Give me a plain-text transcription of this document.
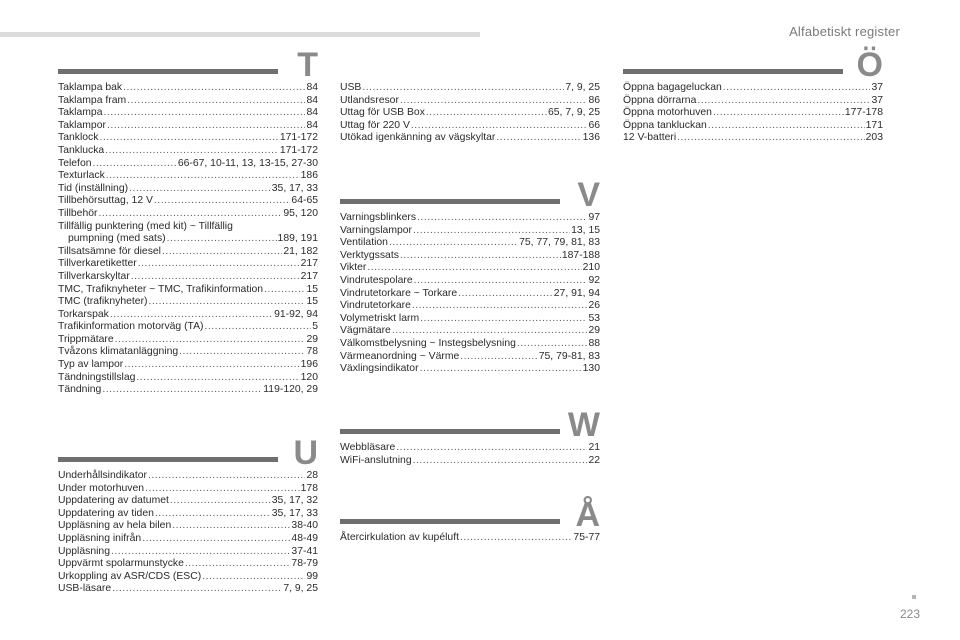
Alfabetiskt register
T
Taklampa bak .....	84
Taklampa fram .....	84
Taklampa .....	84
Taklampor .....	84
Tanklock .....	171-172
Tanklucka .....	171-172
Telefon .....	66-67, 10-11, 13, 13-15, 27-30
Texturlack .....	186
Tid (inställning) .....	35, 17, 33
Tillbehörsuttag, 12 V .....	64-65
Tillbehör .....	95, 120
Tillfällig punktering (med kit) ~ Tillfällig
pumpning (med sats) .....	189, 191
Tillsatsämne för diesel .....	21, 182
Tillverkaretiketter .....	217
Tillverkarskyltar .....	217
TMC, Trafiknyheter ~ TMC, Trafikinformation .....	15
TMC (trafiknyheter) .....	15
Torkarspak .....	91-92, 94
Trafikinformation motorväg (TA) .....	5
Trippmätare .....	29
Tvåzons klimatanläggning .....	78
Typ av lampor .....	196
Tändningstillslag .....	120
Tändning .....	119-120, 29
U
Underhållsindikator .....	28
Under motorhuven .....	178
Uppdatering av datumet .....	35, 17, 32
Uppdatering av tiden .....	35, 17, 33
Uppläsning av hela bilen .....	38-40
Uppläsning inifrån .....	48-49
Uppläsning .....	37-41
Uppvärmt spolarmunstycke .....	78-79
Urkoppling av ASR/CDS (ESC) .....	99
USB-läsare .....	7, 9, 25
USB .....	7, 9, 25
Utlandsresor .....	86
Uttag för USB Box .....	65, 7, 9, 25
Uttag för 220 V .....	66
Utökad igenkänning av vägskyltar .....	136
V
Varningsblinkers .....	97
Varningslampor .....	13, 15
Ventilation .....	75, 77, 79, 81, 83
Verktygssats .....	187-188
Vikter .....	210
Vindrutespolare .....	92
Vindrutetorkare ~ Torkare .....	27, 91, 94
Vindrutetorkare .....	26
Volymetriskt larm .....	53
Vägmätare .....	29
Välkomstbelysning ~ Instegsbelysning .....	88
Värmeanordning ~ Värme .....	75, 79-81, 83
Växlingsindikator .....	130
W
Webbläsare .....	21
WiFi-anslutning .....	22
Å
Återcirkulation av kupéluft .....	75-77
Ö
Öppna bagageluckan .....	37
Öppna dörrarna .....	37
Öppna motorhuven .....	177-178
Öppna tankluckan .....	171
12 V-batteri .....	203
223
